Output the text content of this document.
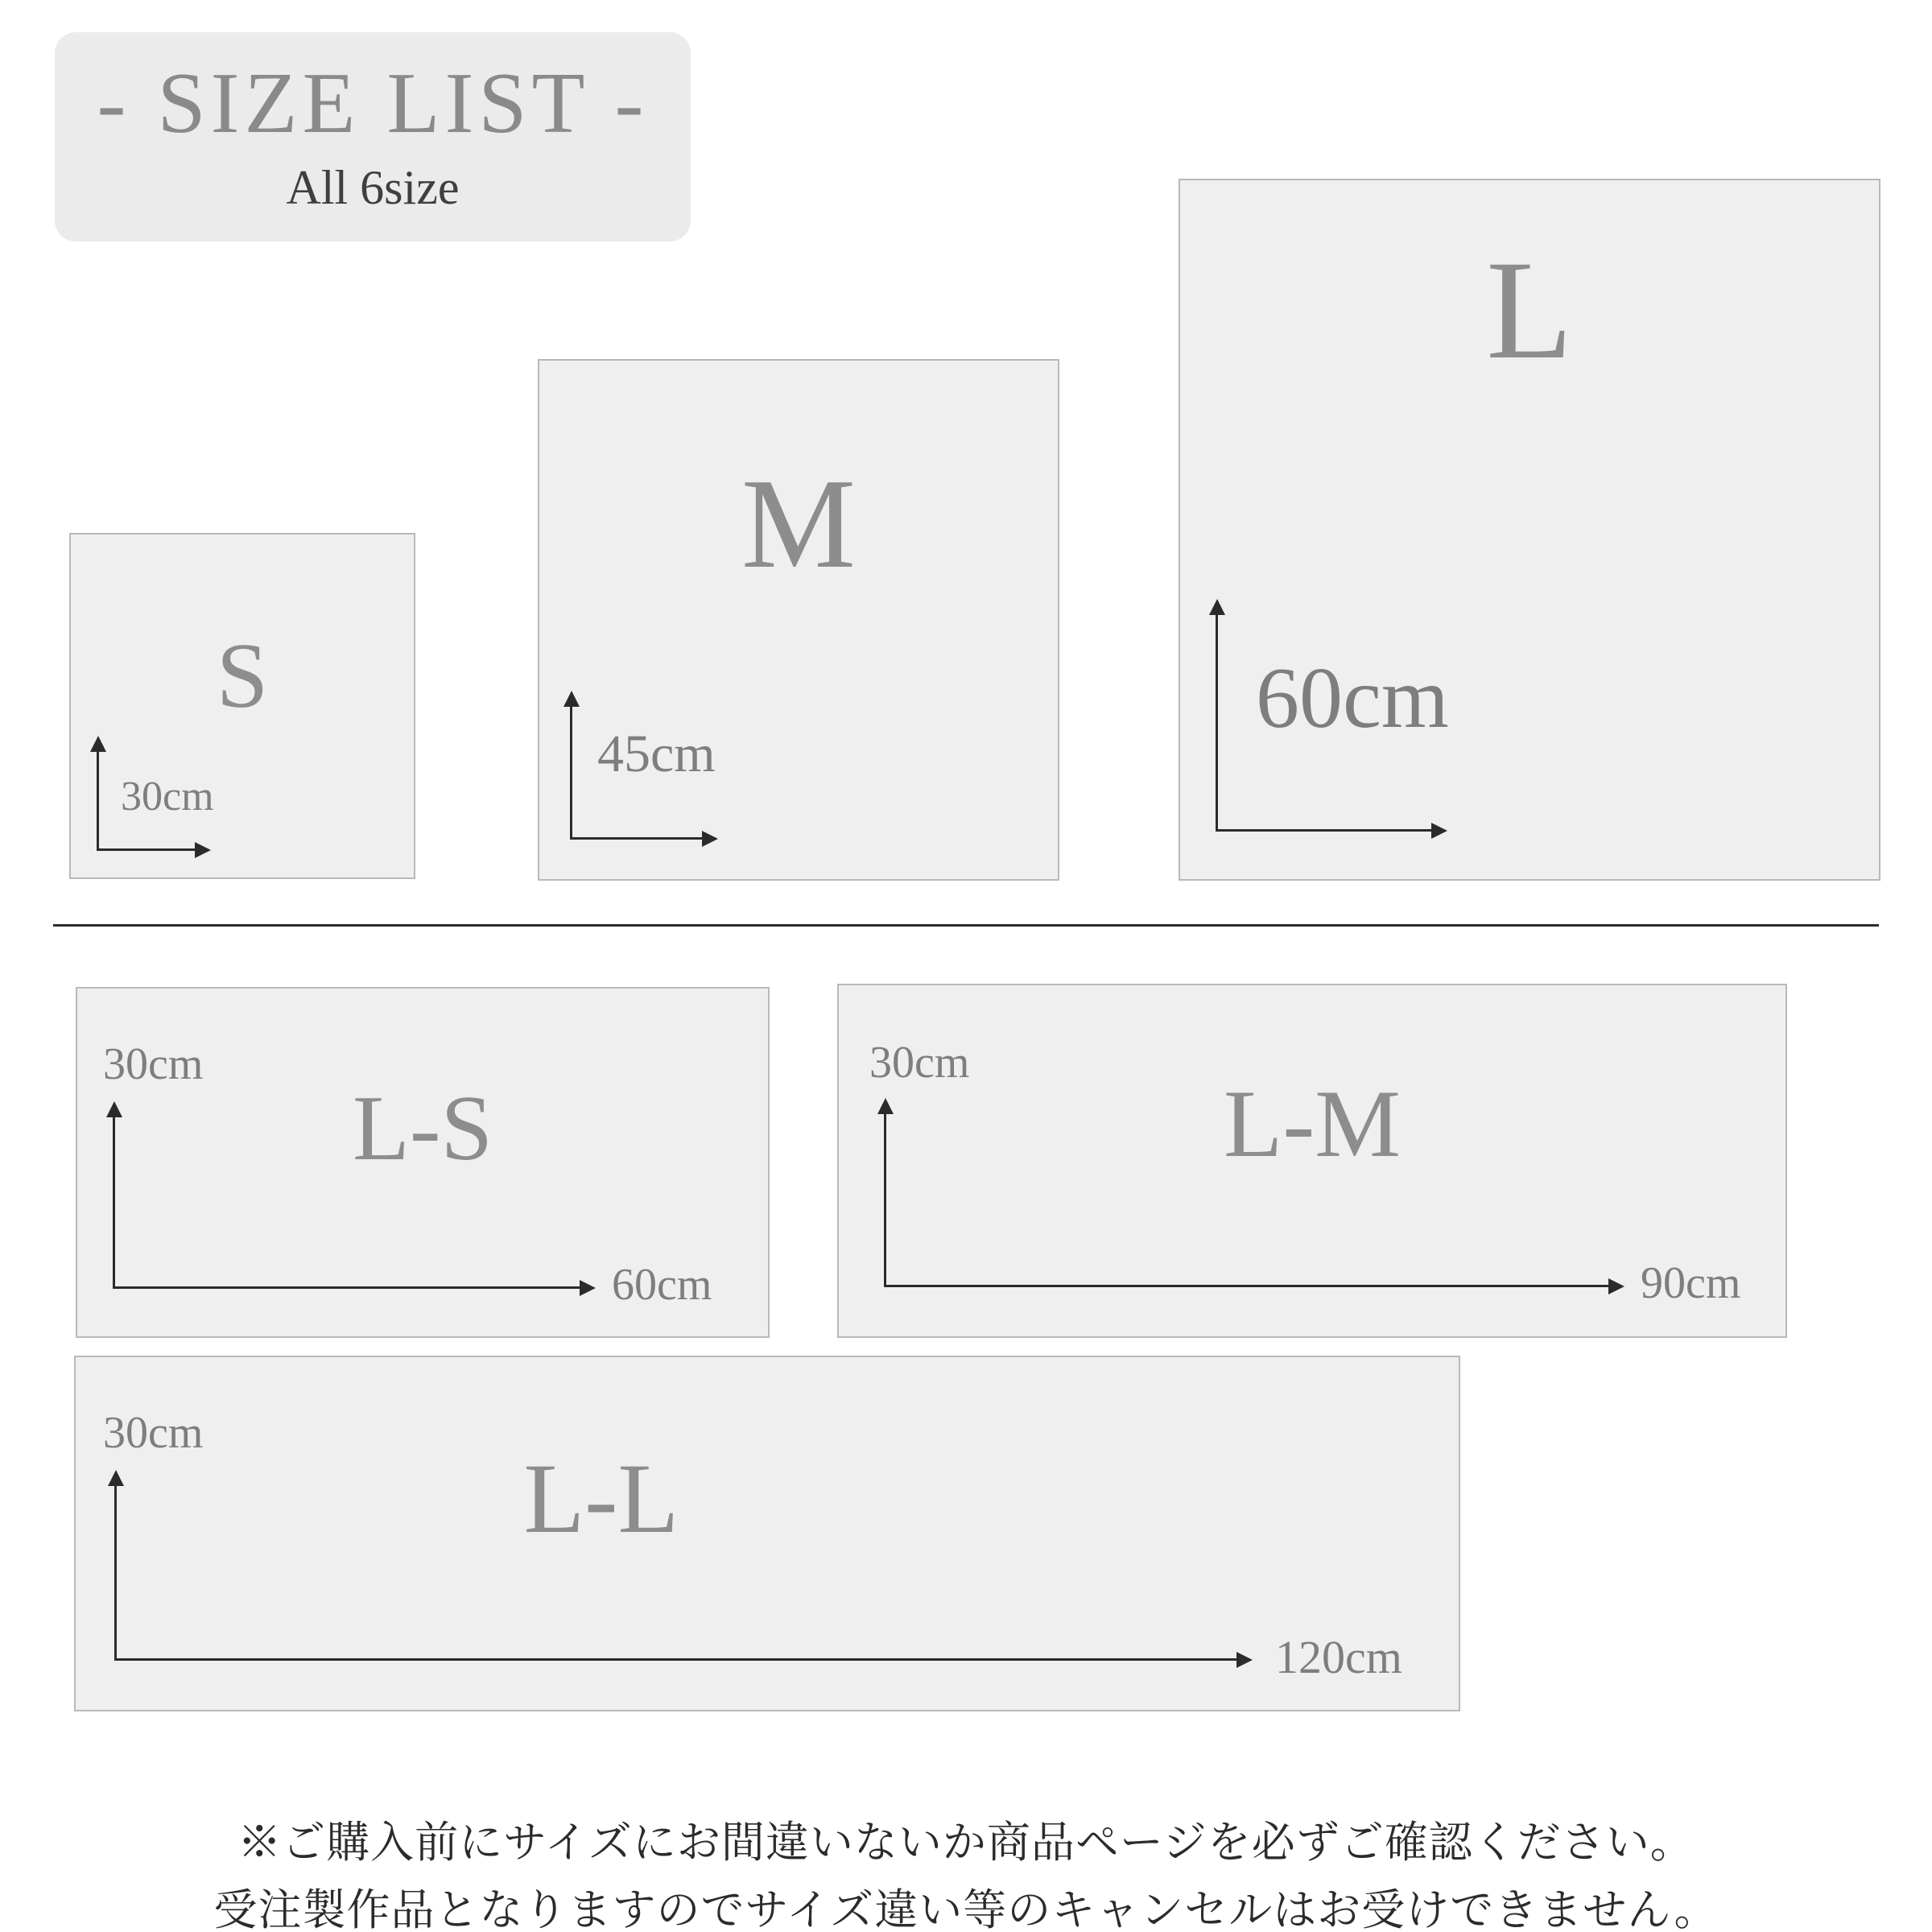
- SIZE LIST -
All 6size
S
30cm
M
45cm
L
60cm
L-S
30cm
60cm
L-M
30cm
90cm
L-L
30cm
120cm
※ご購入前にサイズにお間違いないか商品ページを必ずご確認ください。
受注製作品となりますのでサイズ違い等のキャンセルはお受けできません。
